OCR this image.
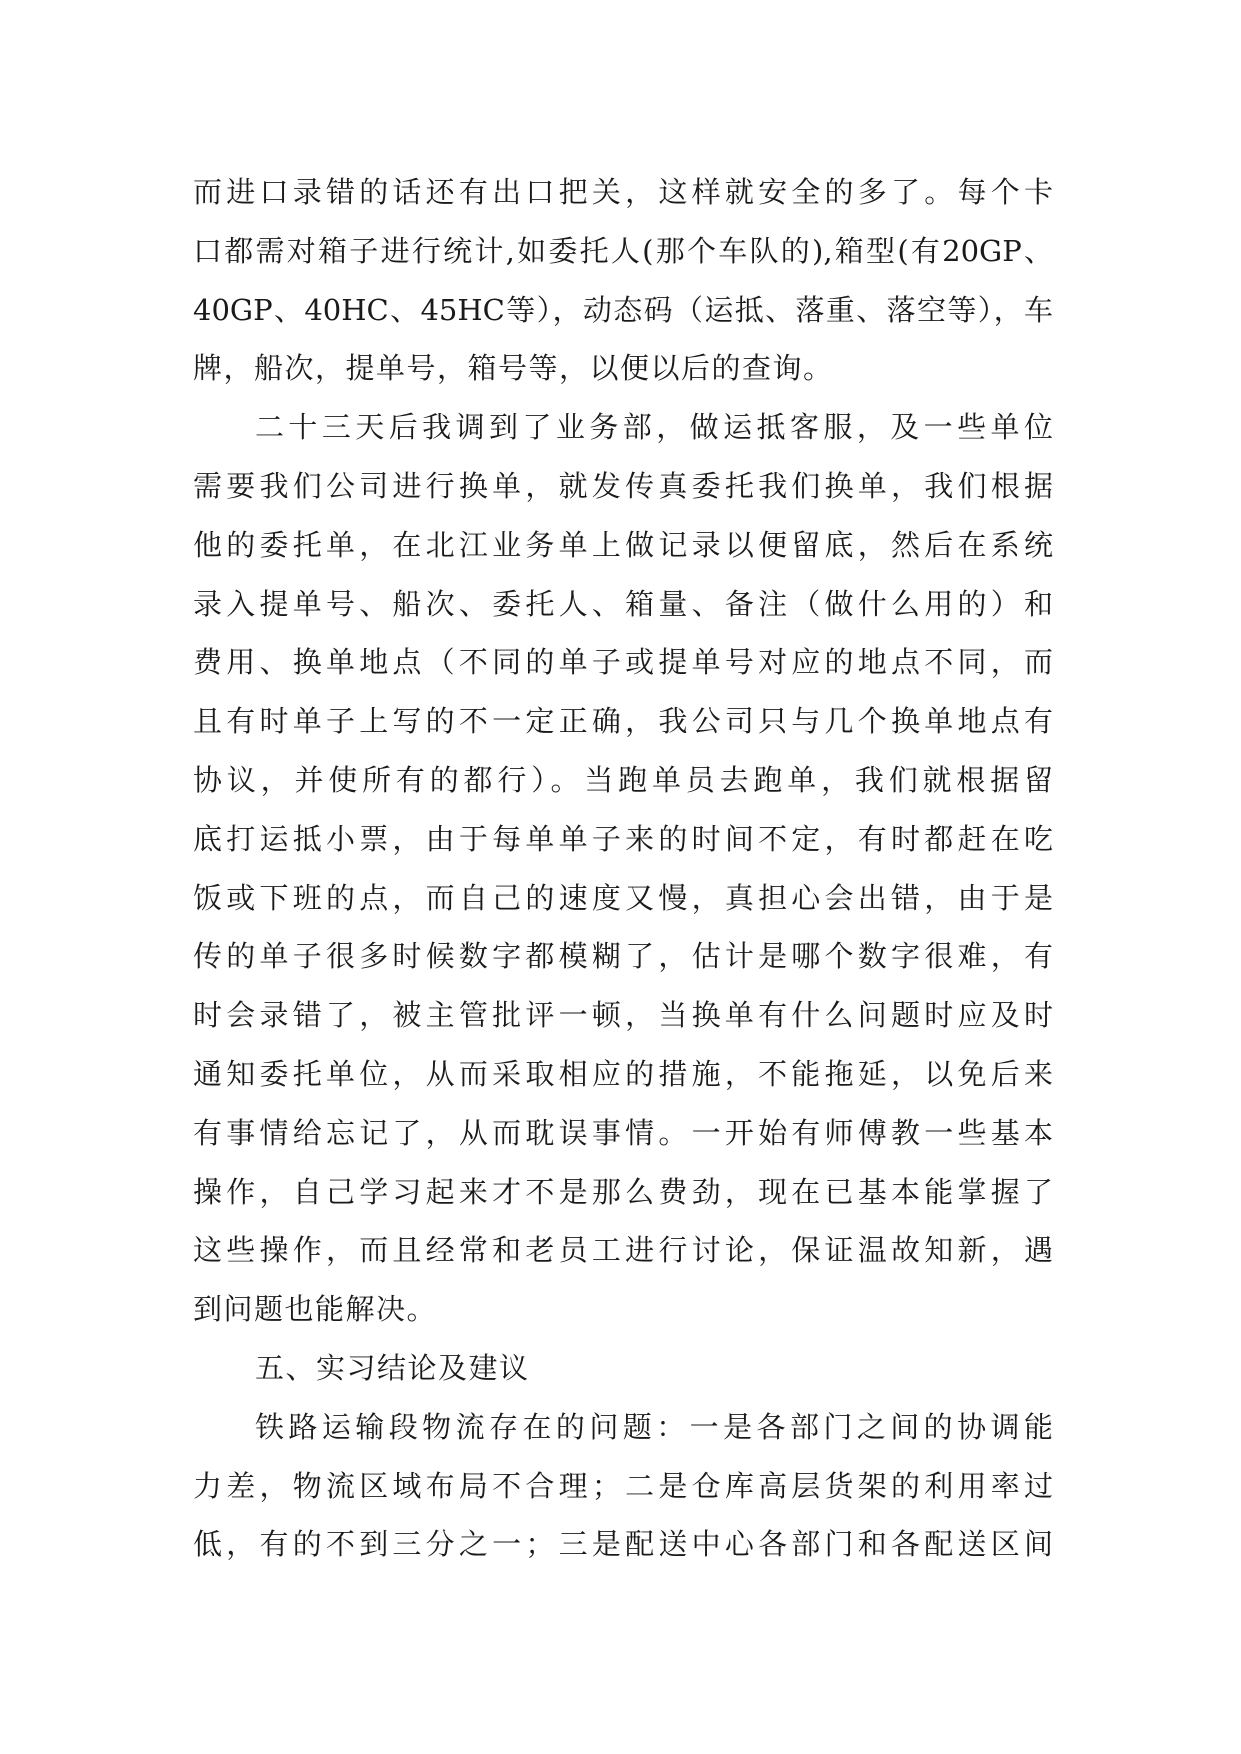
而进口录错的话还有出口把关，这样就安全的多了。每个卡
口都需对箱子进行统计,如委托人(那个车队的),箱型(有20GP、
40GP、40HC、45HC等），动态码（运抵、落重、落空等），车
牌，船次，提单号，箱号等，以便以后的查询。
二十三天后我调到了业务部，做运抵客服，及一些单位
需要我们公司进行换单，就发传真委托我们换单，我们根据
他的委托单，在北江业务单上做记录以便留底，然后在系统
录入提单号、船次、委托人、箱量、备注（做什么用的）和
费用、换单地点（不同的单子或提单号对应的地点不同，而
且有时单子上写的不一定正确，我公司只与几个换单地点有
协议，并使所有的都行）。当跑单员去跑单，我们就根据留
底打运抵小票，由于每单单子来的时间不定，有时都赶在吃
饭或下班的点，而自己的速度又慢，真担心会出错，由于是
传的单子很多时候数字都模糊了，估计是哪个数字很难，有
时会录错了，被主管批评一顿，当换单有什么问题时应及时
通知委托单位，从而采取相应的措施，不能拖延，以免后来
有事情给忘记了，从而耽误事情。一开始有师傅教一些基本
操作，自己学习起来才不是那么费劲，现在已基本能掌握了
这些操作，而且经常和老员工进行讨论，保证温故知新，遇
到问题也能解决。
五、实习结论及建议
铁路运输段物流存在的问题：一是各部门之间的协调能
力差，物流区域布局不合理；二是仓库高层货架的利用率过
低，有的不到三分之一；三是配送中心各部门和各配送区间
